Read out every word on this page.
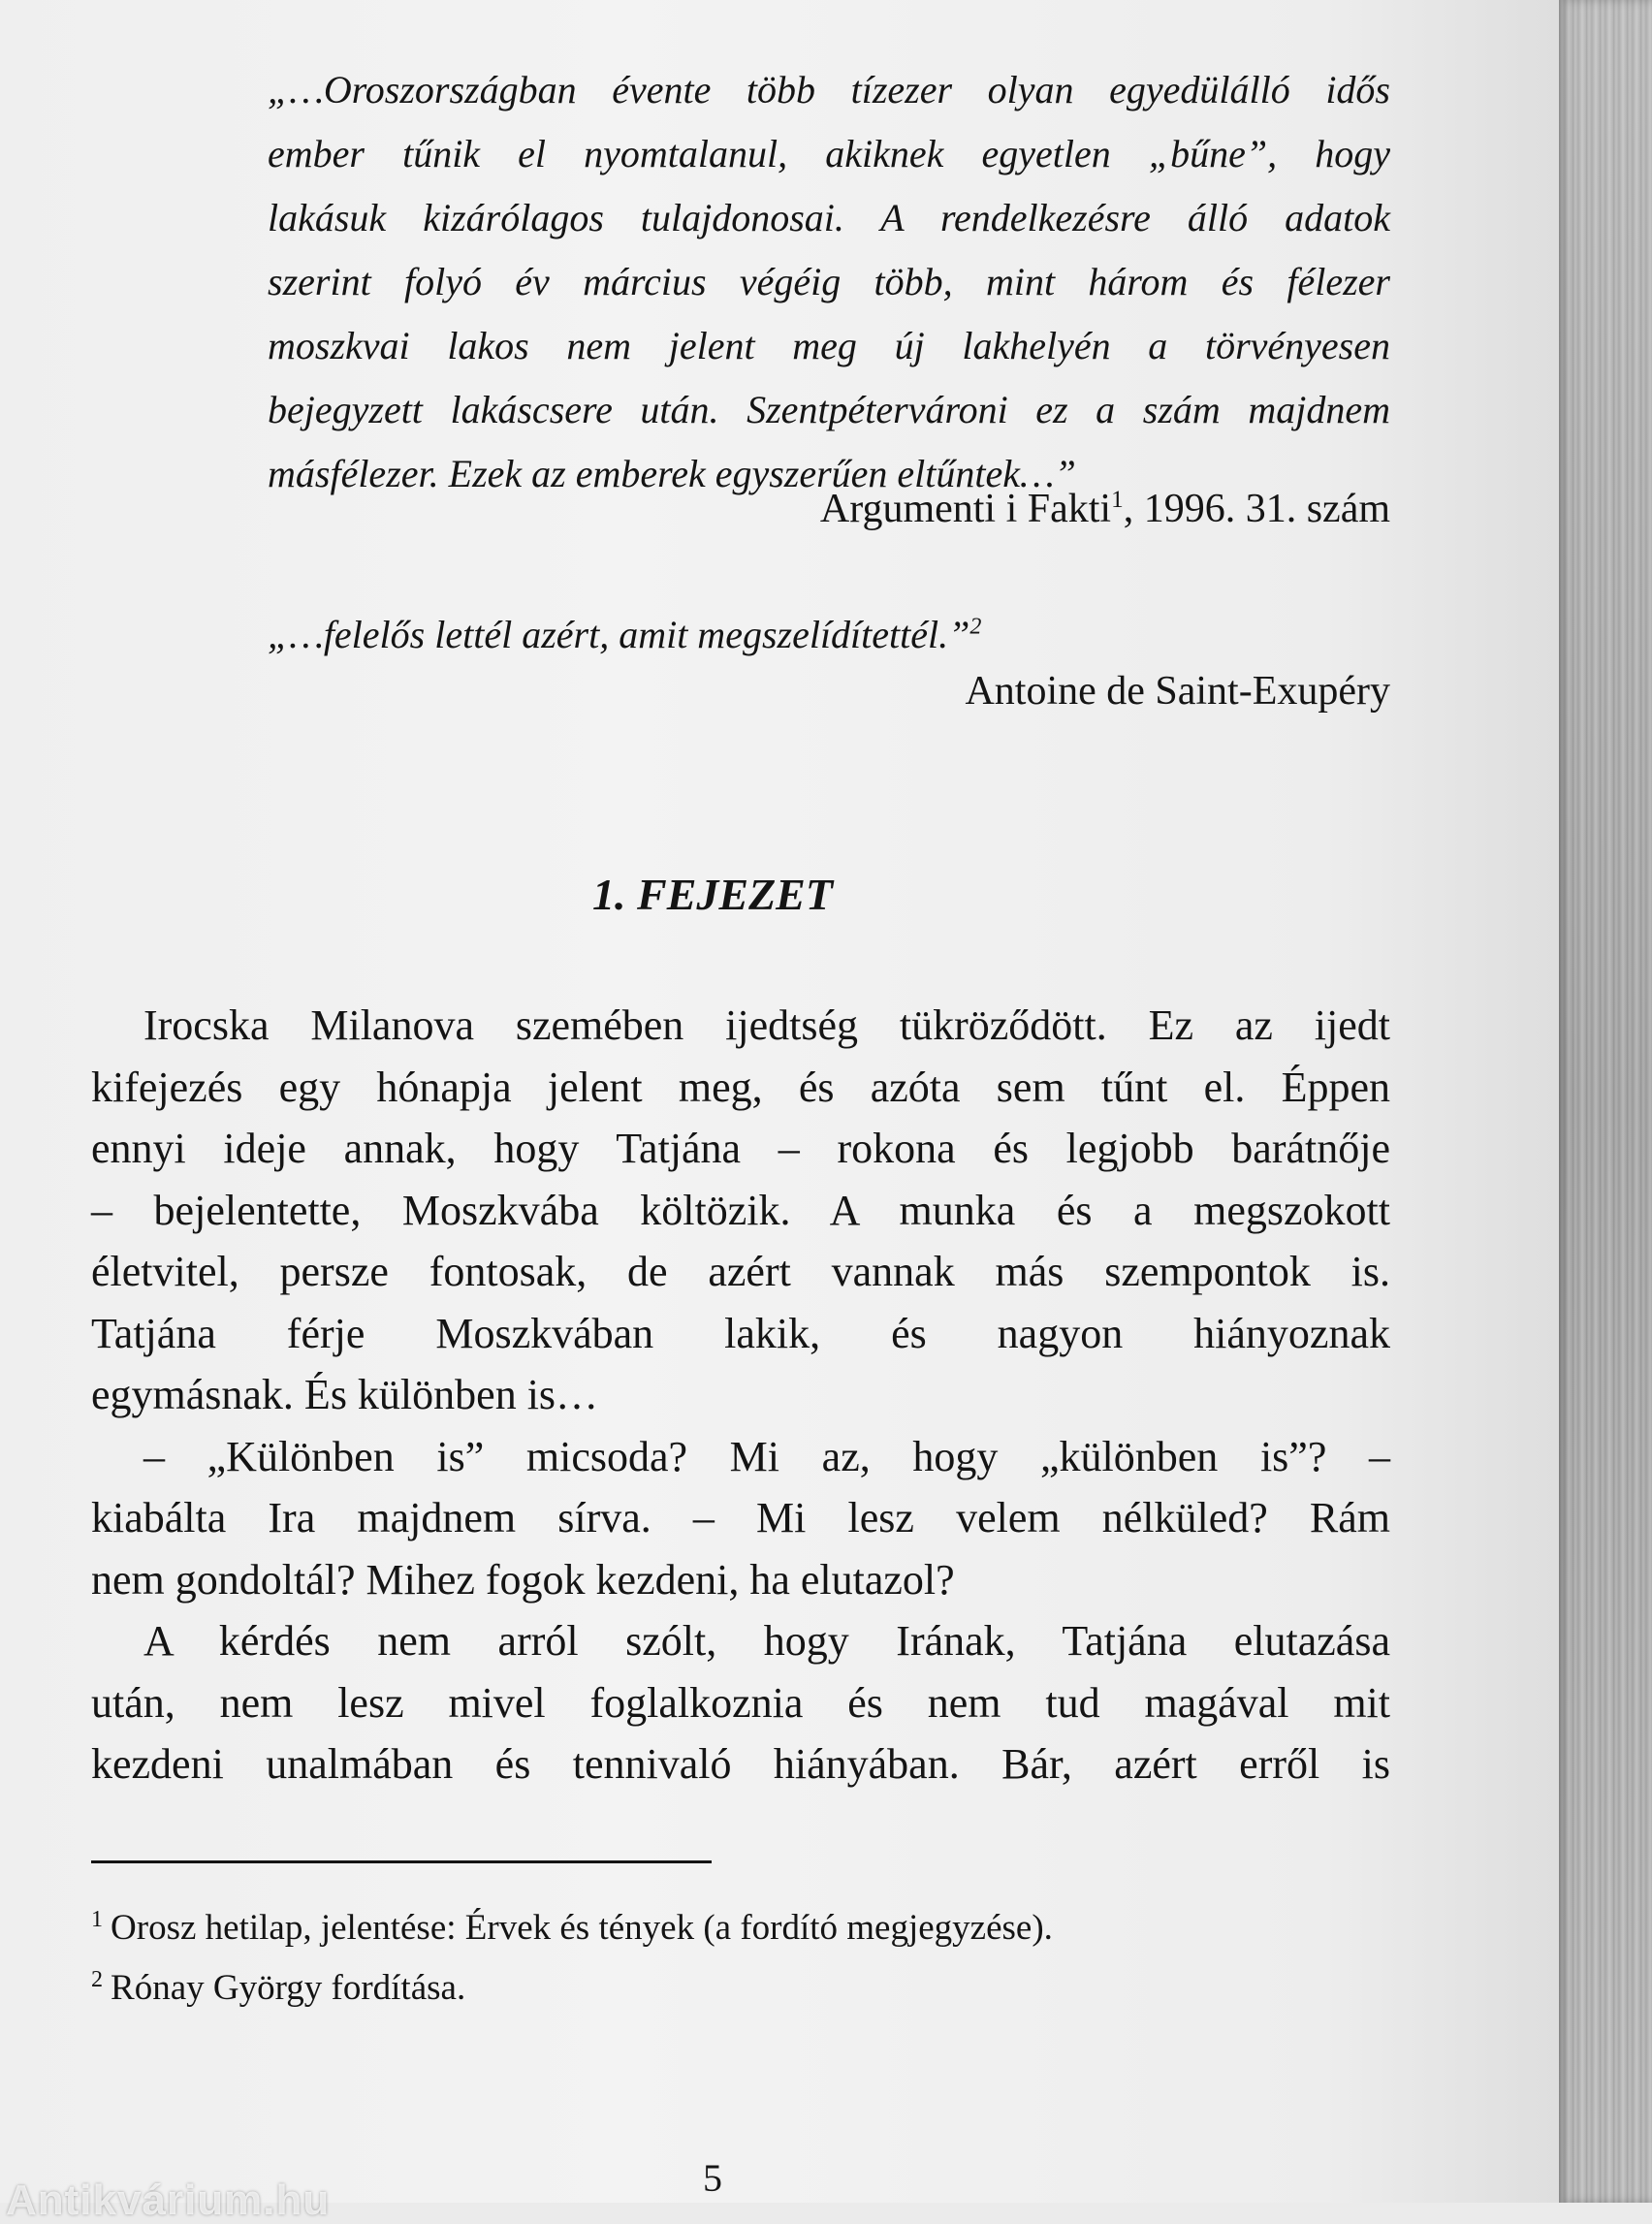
„…Oroszországban évente több tízezer olyan egyedülálló idős
ember tűnik el nyomtalanul, akiknek egyetlen „bűne”, hogy
lakásuk kizárólagos tulajdonosai. A rendelkezésre álló adatok
szerint folyó év március végéig több, mint három és félezer
moszkvai lakos nem jelent meg új lakhelyén a törvényesen
bejegyzett lakáscsere után. Szentpétervároni ez a szám majdnem
másfélezer. Ezek az emberek egyszerűen eltűntek…”
Argumenti i Fakti$^1$, 1996. 31. szám
„…felelős lettél azért, amit megszelídítettél.”$^2$
Antoine de Saint-Exupéry
1. FEJEZET
Irocska Milanova szemében ijedtség tükröződött. Ez az ijedt
kifejezés egy hónapja jelent meg, és azóta sem tűnt el. Éppen
ennyi ideje annak, hogy Tatjána – rokona és legjobb barátnője
– bejelentette, Moszkvába költözik. A munka és a megszokott
életvitel, persze fontosak, de azért vannak más szempontok is.
Tatjána férje Moszkvában lakik, és nagyon hiányoznak
egymásnak. És különben is…
– „Különben is” micsoda? Mi az, hogy „különben is”? –
kiabálta Ira majdnem sírva. – Mi lesz velem nélküled? Rám
nem gondoltál? Mihez fogok kezdeni, ha elutazol?
A kérdés nem arról szólt, hogy Irának, Tatjána elutazása
után, nem lesz mivel foglalkoznia és nem tud magával mit
kezdeni unalmában és tennivaló hiányában. Bár, azért erről is
$^1$ Orosz hetilap, jelentése: Érvek és tények (a fordító megjegyzése).
$^2$ Rónay György fordítása.
5
Antikvárium.hu
